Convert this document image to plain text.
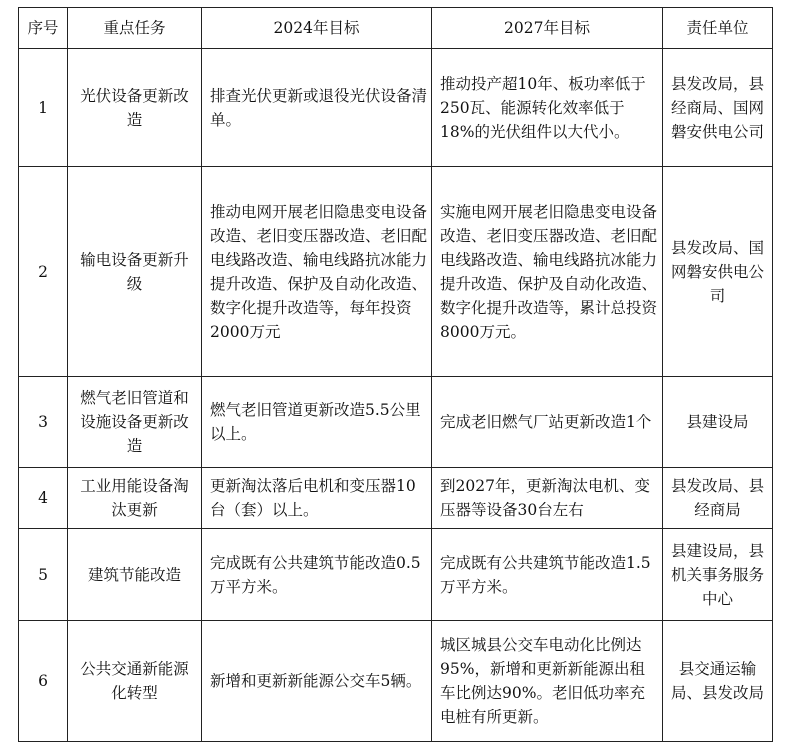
序号	重点任务	2024年目标	2027年目标	责任单位
1	光伏设备更新改造	排查光伏更新或退役光伏设备清单。	推动投产超10年、板功率低于250瓦、能源转化效率低于18%的光伏组件以大代小。	县发改局，县经商局、国网磐安供电公司
2	输电设备更新升级	推动电网开展老旧隐患变电设备改造、老旧变压器改造、老旧配电线路改造、输电线路抗冰能力提升改造、保护及自动化改造、数字化提升改造等，每年投资2000万元	实施电网开展老旧隐患变电设备改造、老旧变压器改造、老旧配电线路改造、输电线路抗冰能力提升改造、保护及自动化改造、数字化提升改造等，累计总投资8000万元。	县发改局、国网磐安供电公司
3	燃气老旧管道和设施设备更新改造	燃气老旧管道更新改造5.5公里以上。	完成老旧燃气厂站更新改造1个	县建设局
4	工业用能设备淘汰更新	更新淘汰落后电机和变压器10台（套）以上。	到2027年，更新淘汰电机、变压器等设备30台左右	县发改局、县经商局
5	建筑节能改造	完成既有公共建筑节能改造0.5万平方米。	完成既有公共建筑节能改造1.5万平方米。	县建设局，县机关事务服务中心
6	公共交通新能源化转型	新增和更新新能源公交车5辆。	城区城县公交车电动化比例达95%，新增和更新新能源出租车比例达90%。老旧低功率充电桩有所更新。	县交通运输局、县发改局
